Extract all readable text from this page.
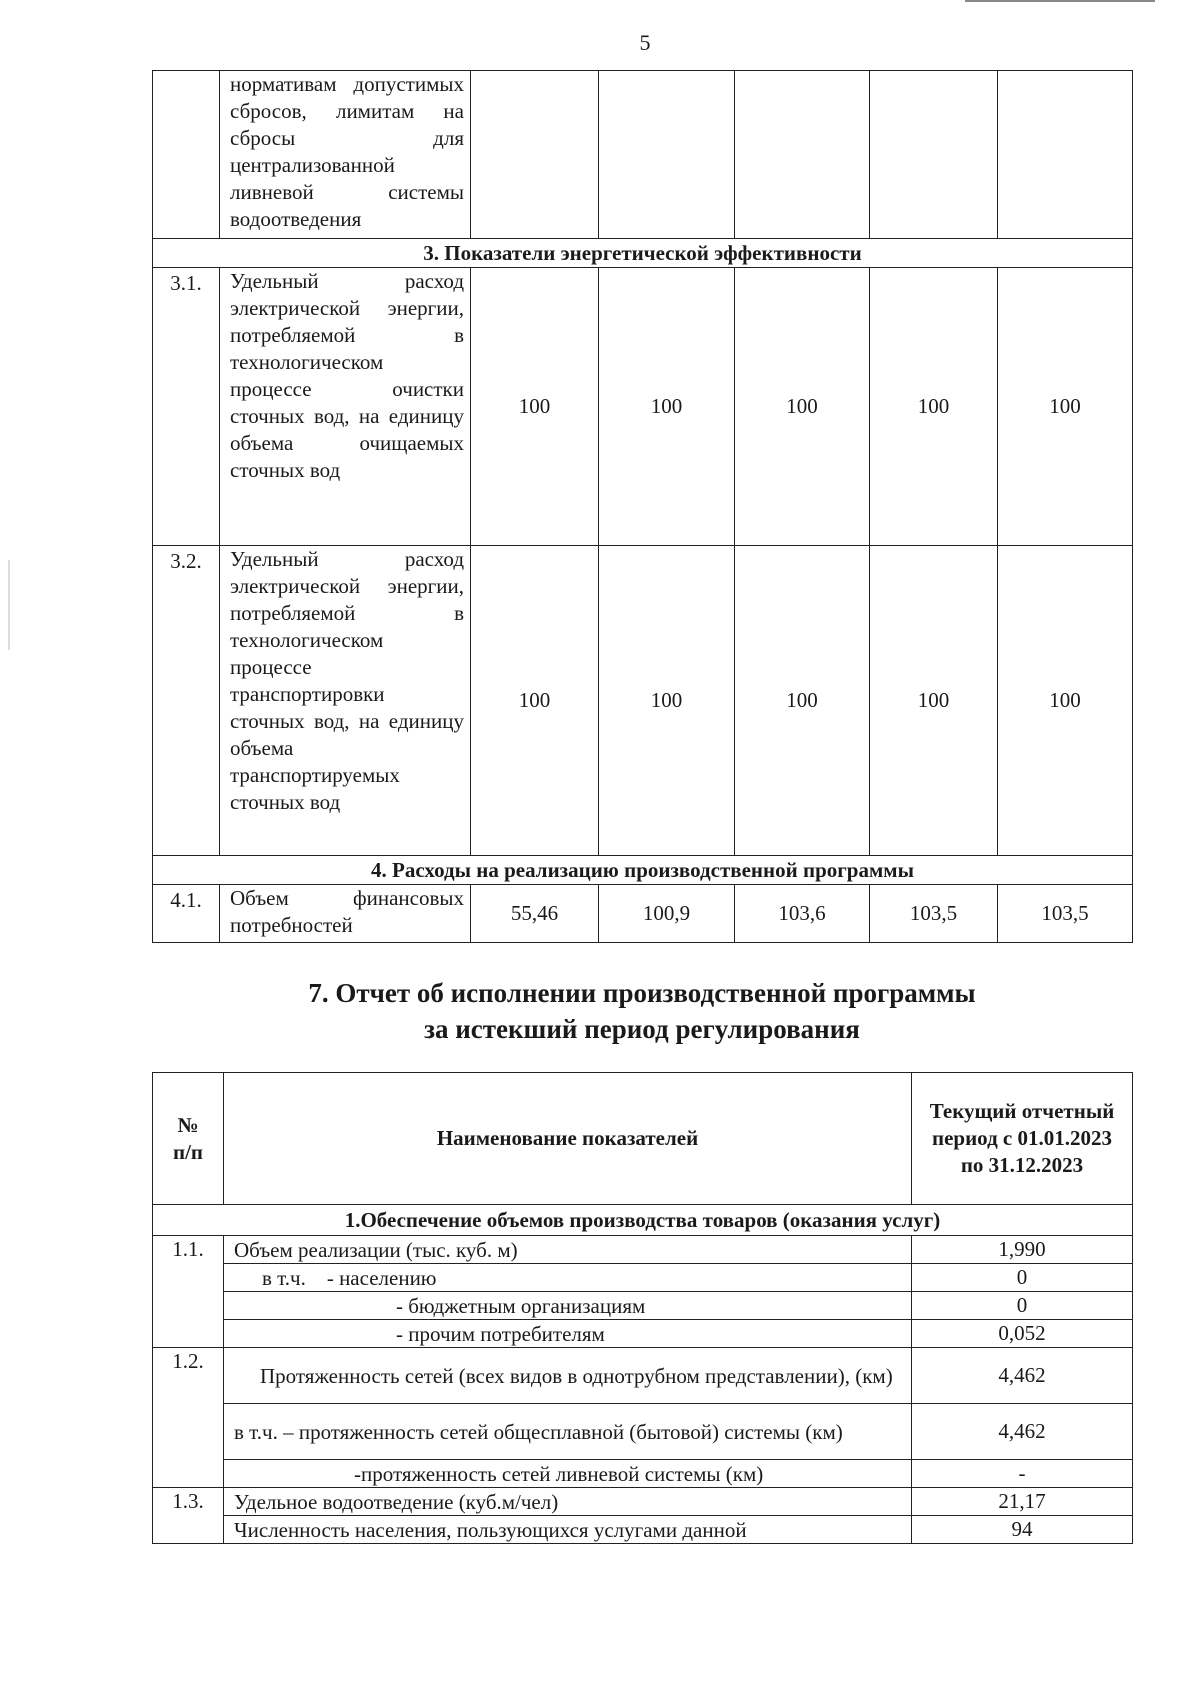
5
	нормативам допустимых сбросов, лимитам на сбросы для централизованной ливневой системы водоотведения					
3. Показатели энергетической эффективности						
3.1.	Удельный расход электрической энергии, потребляемой в технологическом процессе очистки сточных вод, на единицу объема очищаемых сточных вод	100	100	100	100	100
3.2.	Удельный расход электрической энергии, потребляемой в технологическом процессе транспортировки сточных вод, на единицу объема транспортируемых сточных вод	100	100	100	100	100
4. Расходы на реализацию производственной программы						
4.1.	Объем финансовых потребностей	55,46	100,9	103,6	103,5	103,5
7. Отчет об исполнении производственной программы
за истекший период регулирования
№ п/п	Наименование показателей	Текущий отчетный период с 01.01.2023 по 31.12.2023
1.Обеспечение объемов производства товаров (оказания услуг)		
1.1.	Объем реализации (тыс. куб. м)	1,990
	в т.ч.    - населению	0
	- бюджетным организациям	0
	- прочим потребителям	0,052
1.2.	Протяженность сетей (всех видов в однотрубном представлении), (км)	4,462
	в т.ч. – протяженность сетей общесплавной (бытовой) системы (км)	4,462
	-протяженность сетей ливневой системы (км)	-
1.3.	Удельное водоотведение (куб.м/чел)	21,17
	Численность населения, пользующихся услугами данной	94
